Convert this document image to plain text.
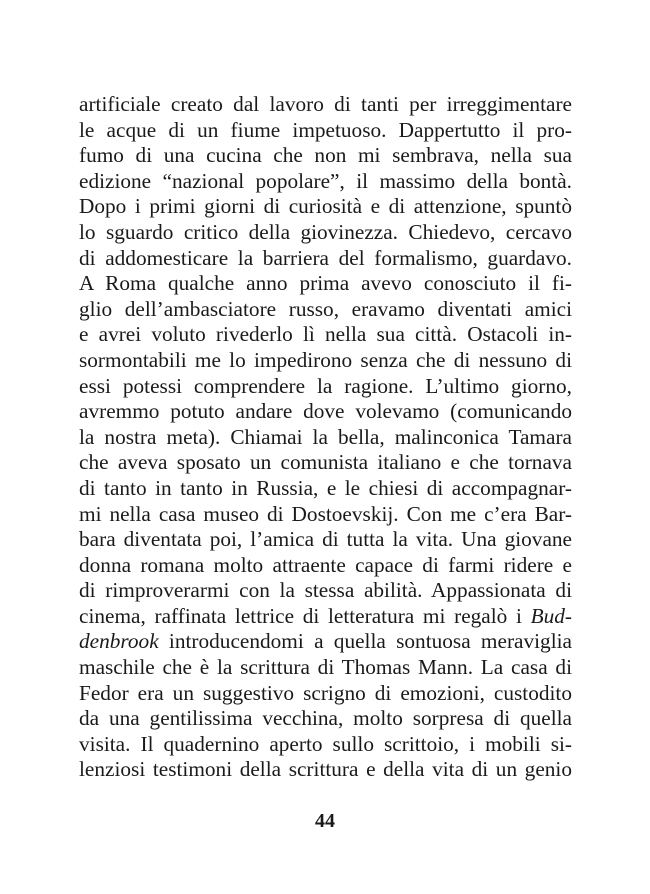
artificiale creato dal lavoro di tanti per irreggimentare
le acque di un fiume impetuoso. Dappertutto il pro-
fumo di una cucina che non mi sembrava, nella sua
edizione “nazional popolare”, il massimo della bontà.
Dopo i primi giorni di curiosità e di attenzione, spuntò
lo sguardo critico della giovinezza. Chiedevo, cercavo
di addomesticare la barriera del formalismo, guardavo.
A Roma qualche anno prima avevo conosciuto il fi-
glio dell’ambasciatore russo, eravamo diventati amici
e avrei voluto rivederlo lì nella sua città. Ostacoli in-
sormontabili me lo impedirono senza che di nessuno di
essi potessi comprendere la ragione. L’ultimo giorno,
avremmo potuto andare dove volevamo (comunicando
la nostra meta). Chiamai la bella, malinconica Tamara
che aveva sposato un comunista italiano e che tornava
di tanto in tanto in Russia, e le chiesi di accompagnar-
mi nella casa museo di Dostoevskij. Con me c’era Bar-
bara diventata poi, l’amica di tutta la vita. Una giovane
donna romana molto attraente capace di farmi ridere e
di rimproverarmi con la stessa abilità. Appassionata di
cinema, raffinata lettrice di letteratura mi regalò i Bud-
denbrook introducendomi a quella sontuosa meraviglia
maschile che è la scrittura di Thomas Mann. La casa di
Fedor era un suggestivo scrigno di emozioni, custodito
da una gentilissima vecchina, molto sorpresa di quella
visita. Il quadernino aperto sullo scrittoio, i mobili si-
lenziosi testimoni della scrittura e della vita di un genio
44
